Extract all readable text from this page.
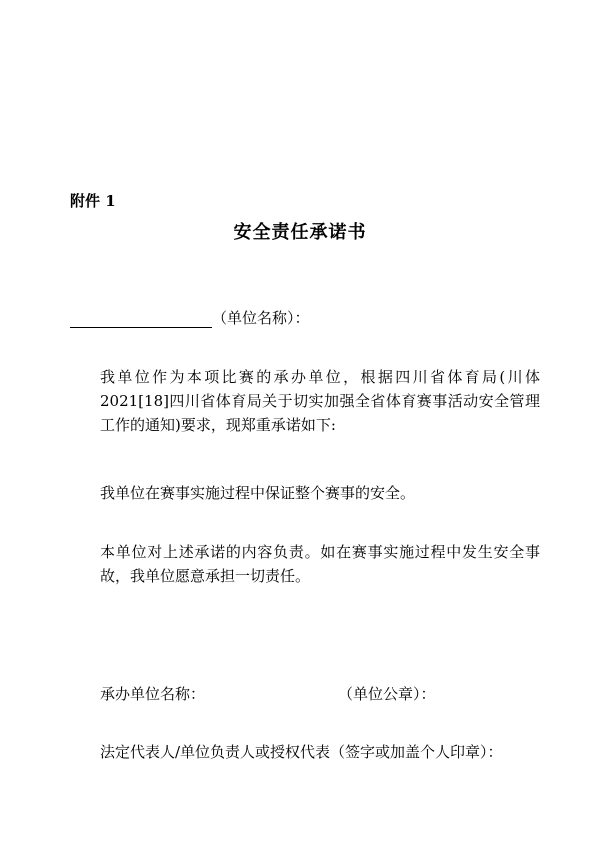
附件 1
安全责任承诺书
（单位名称）：
我单位作为本项比赛的承办单位，根据四川省体育局(川体2021[18]四川省体育局关于切实加强全省体育赛事活动安全管理工作的通知)要求，现郑重承诺如下:
我单位在赛事实施过程中保证整个赛事的安全。
本单位对上述承诺的内容负责。如在赛事实施过程中发生安全事故，我单位愿意承担一切责任。
承办单位名称：	（单位公章）：
法定代表人/单位负责人或授权代表（签字或加盖个人印章）：
